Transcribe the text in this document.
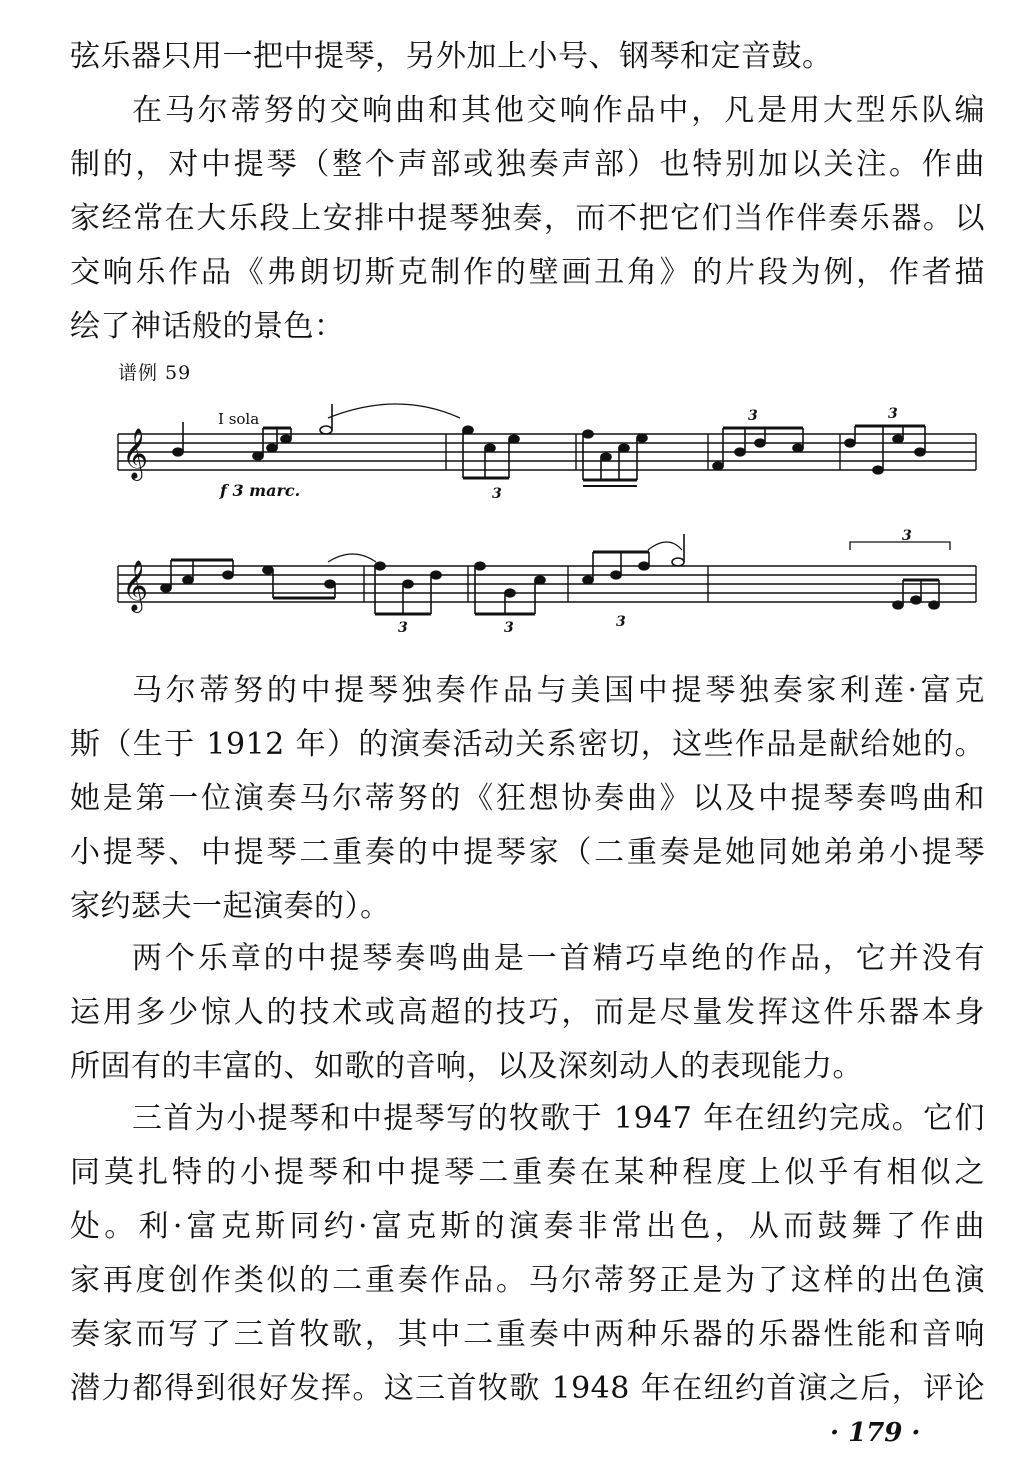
弦乐器只用一把中提琴，另外加上小号、钢琴和定音鼓。
在马尔蒂努的交响曲和其他交响作品中，凡是用大型乐队编
制的，对中提琴（整个声部或独奏声部）也特别加以关注。作曲
家经常在大乐段上安排中提琴独奏，而不把它们当作伴奏乐器。以
交响乐作品《弗朗切斯克制作的壁画丑角》的片段为例，作者描
绘了神话般的景色：
谱例 59
𝄞
I sola
f 3 marc.	3
3	3
𝄞
3	3	3
3
马尔蒂努的中提琴独奏作品与美国中提琴独奏家利莲·富克
斯（生于 1912 年）的演奏活动关系密切，这些作品是献给她的。
她是第一位演奏马尔蒂努的《狂想协奏曲》以及中提琴奏鸣曲和
小提琴、中提琴二重奏的中提琴家（二重奏是她同她弟弟小提琴
家约瑟夫一起演奏的）。
两个乐章的中提琴奏鸣曲是一首精巧卓绝的作品，它并没有
运用多少惊人的技术或高超的技巧，而是尽量发挥这件乐器本身
所固有的丰富的、如歌的音响，以及深刻动人的表现能力。
三首为小提琴和中提琴写的牧歌于 1947 年在纽约完成。它们
同莫扎特的小提琴和中提琴二重奏在某种程度上似乎有相似之
处。利·富克斯同约·富克斯的演奏非常出色，从而鼓舞了作曲
家再度创作类似的二重奏作品。马尔蒂努正是为了这样的出色演
奏家而写了三首牧歌，其中二重奏中两种乐器的乐器性能和音响
潜力都得到很好发挥。这三首牧歌 1948 年在纽约首演之后，评论
· 179 ·
